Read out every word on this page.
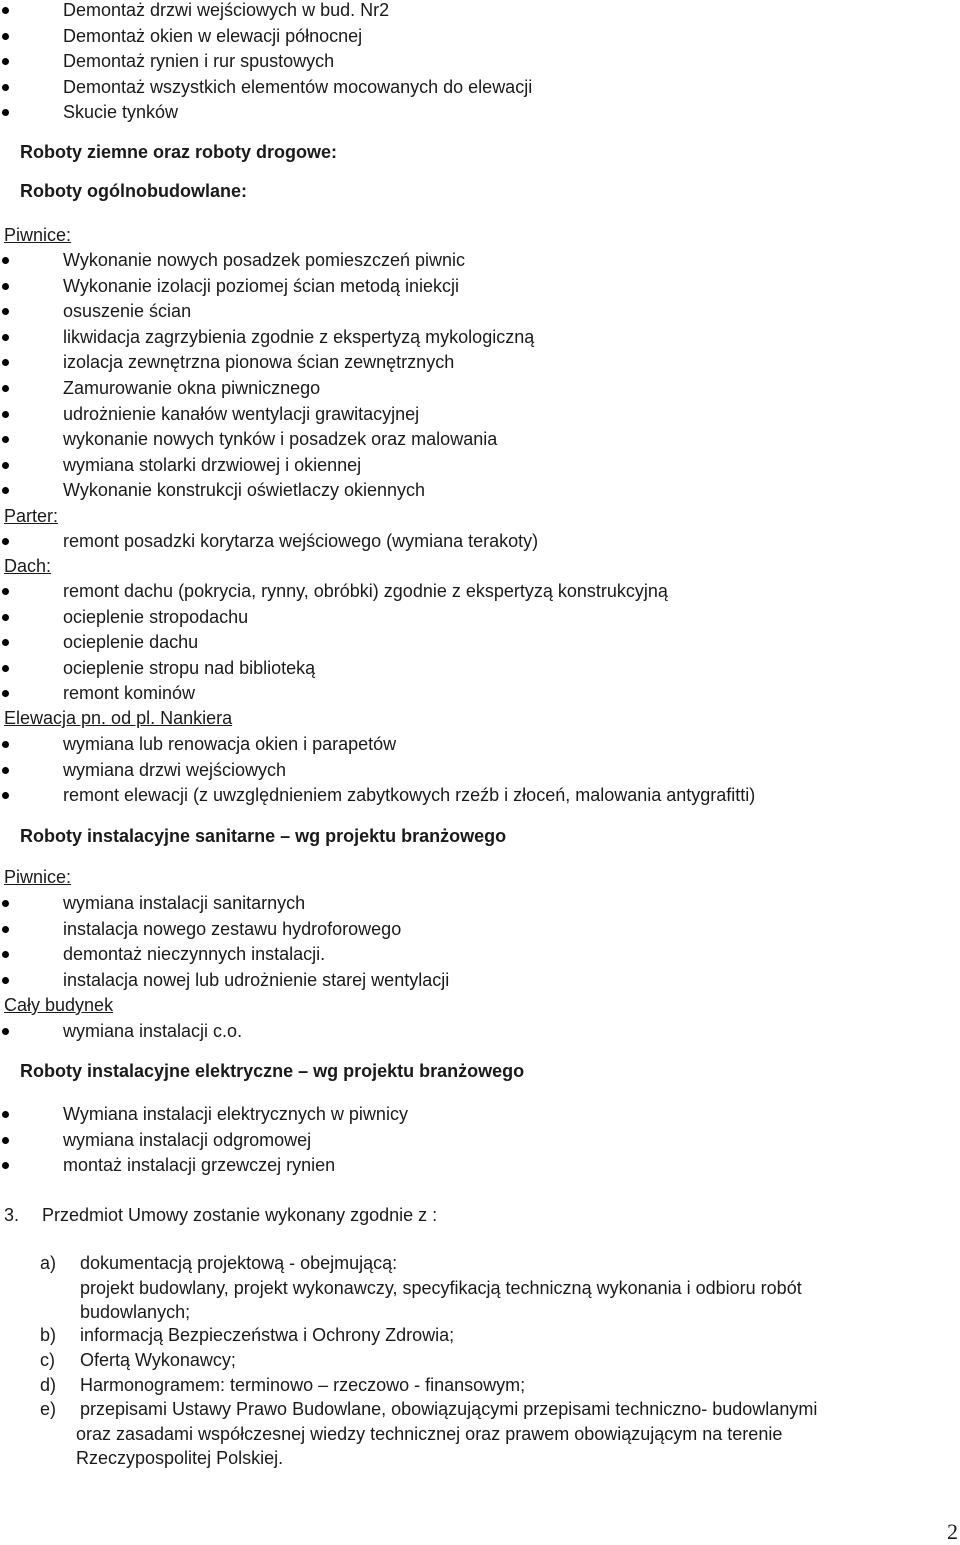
Demontaż drzwi wejściowych w bud. Nr2
Demontaż okien w elewacji północnej
Demontaż rynien i rur spustowych
Demontaż wszystkich elementów mocowanych do elewacji
Skucie tynków
Roboty ziemne oraz roboty drogowe:
Roboty ogólnobudowlane:
Piwnice:
Wykonanie nowych posadzek pomieszczeń piwnic
Wykonanie izolacji poziomej ścian metodą iniekcji
osuszenie ścian
likwidacja zagrzybienia zgodnie z ekspertyzą mykologiczną
izolacja zewnętrzna pionowa ścian zewnętrznych
Zamurowanie okna piwnicznego
udrożnienie kanałów wentylacji grawitacyjnej
wykonanie nowych tynków i posadzek oraz malowania
wymiana stolarki drzwiowej i okiennej
Wykonanie konstrukcji oświetlaczy okiennych
Parter:
remont posadzki korytarza wejściowego (wymiana terakoty)
Dach:
remont dachu (pokrycia, rynny, obróbki) zgodnie z ekspertyzą konstrukcyjną
ocieplenie stropodachu
ocieplenie dachu
ocieplenie stropu nad biblioteką
remont kominów
Elewacja pn. od pl. Nankiera
wymiana lub renowacja okien i parapetów
wymiana drzwi wejściowych
remont elewacji (z uwzględnieniem zabytkowych rzeźb i złoceń, malowania antygrafitti)
Roboty instalacyjne sanitarne – wg projektu branżowego
Piwnice:
wymiana instalacji sanitarnych
instalacja nowego zestawu hydroforowego
demontaż nieczynnych instalacji.
instalacja nowej lub udrożnienie starej wentylacji
Cały budynek
wymiana instalacji c.o.
Roboty instalacyjne elektryczne – wg projektu branżowego
Wymiana instalacji elektrycznych w piwnicy
wymiana instalacji odgromowej
montaż instalacji grzewczej rynien
3. Przedmiot Umowy zostanie wykonany zgodnie z :
a) dokumentacją projektową - obejmującą:
projekt budowlany, projekt wykonawczy, specyfikacją techniczną wykonania i odbioru robót
budowlanych;
b) informacją Bezpieczeństwa i Ochrony Zdrowia;
c) Ofertą Wykonawcy;
d) Harmonogramem: terminowo – rzeczowo - finansowym;
e) przepisami Ustawy Prawo Budowlane, obowiązującymi przepisami techniczno- budowlanymi
oraz zasadami współczesnej wiedzy technicznej oraz prawem obowiązującym na terenie
Rzeczypospolitej Polskiej.
2
